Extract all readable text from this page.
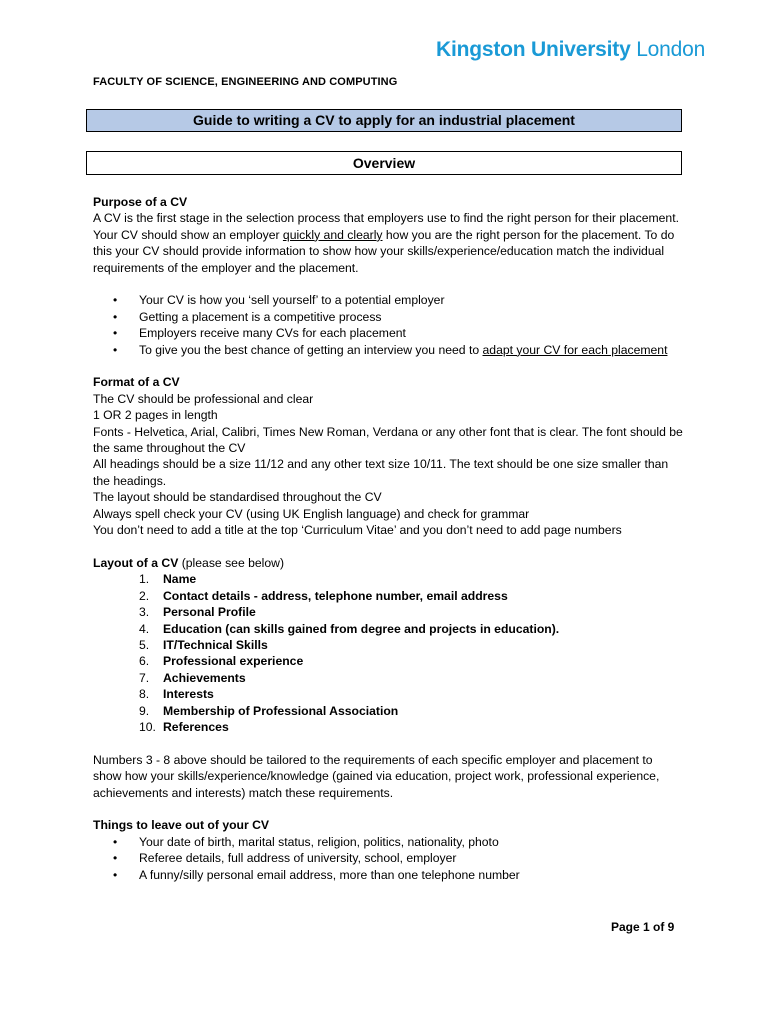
Kingston University London
FACULTY OF SCIENCE, ENGINEERING AND COMPUTING
Guide to writing a CV to apply for an industrial placement
Overview

Purpose of a CV

A CV is the first stage in the selection process that employers use to find the right person for their placement. Your CV should show an employer quickly and clearly how you are the right person for the placement. To do this your CV should provide information to show how your skills/experience/education match the individual requirements of the employer and the placement.

• Your CV is how you ‘sell yourself’ to a potential employer
• Getting a placement is a competitive process
• Employers receive many CVs for each placement
• To give you the best chance of getting an interview you need to adapt your CV for each placement

Format of a CV

The CV should be professional and clear

1 OR 2 pages in length

Fonts - Helvetica, Arial, Calibri, Times New Roman, Verdana or any other font that is clear. The font should be the same throughout the CV

All headings should be a size 11/12 and any other text size 10/11. The text should be one size smaller than the headings.

The layout should be standardised throughout the CV

Always spell check your CV (using UK English language) and check for grammar

You don’t need to add a title at the top ‘Curriculum Vitae’ and you don’t need to add page numbers

Layout of a CV (please see below)

1. Name
2. Contact details - address, telephone number, email address
3. Personal Profile
4. Education (can skills gained from degree and projects in education).
5. IT/Technical Skills
6. Professional experience
7. Achievements
8. Interests
9. Membership of Professional Association
10. References

Numbers 3 - 8 above should be tailored to the requirements of each specific employer and placement to show how your skills/experience/knowledge (gained via education, project work, professional experience, achievements and interests) match these requirements.

Things to leave out of your CV

• Your date of birth, marital status, religion, politics, nationality, photo
• Referee details, full address of university, school, employer
• A funny/silly personal email address, more than one telephone number
Page 1 of 9
